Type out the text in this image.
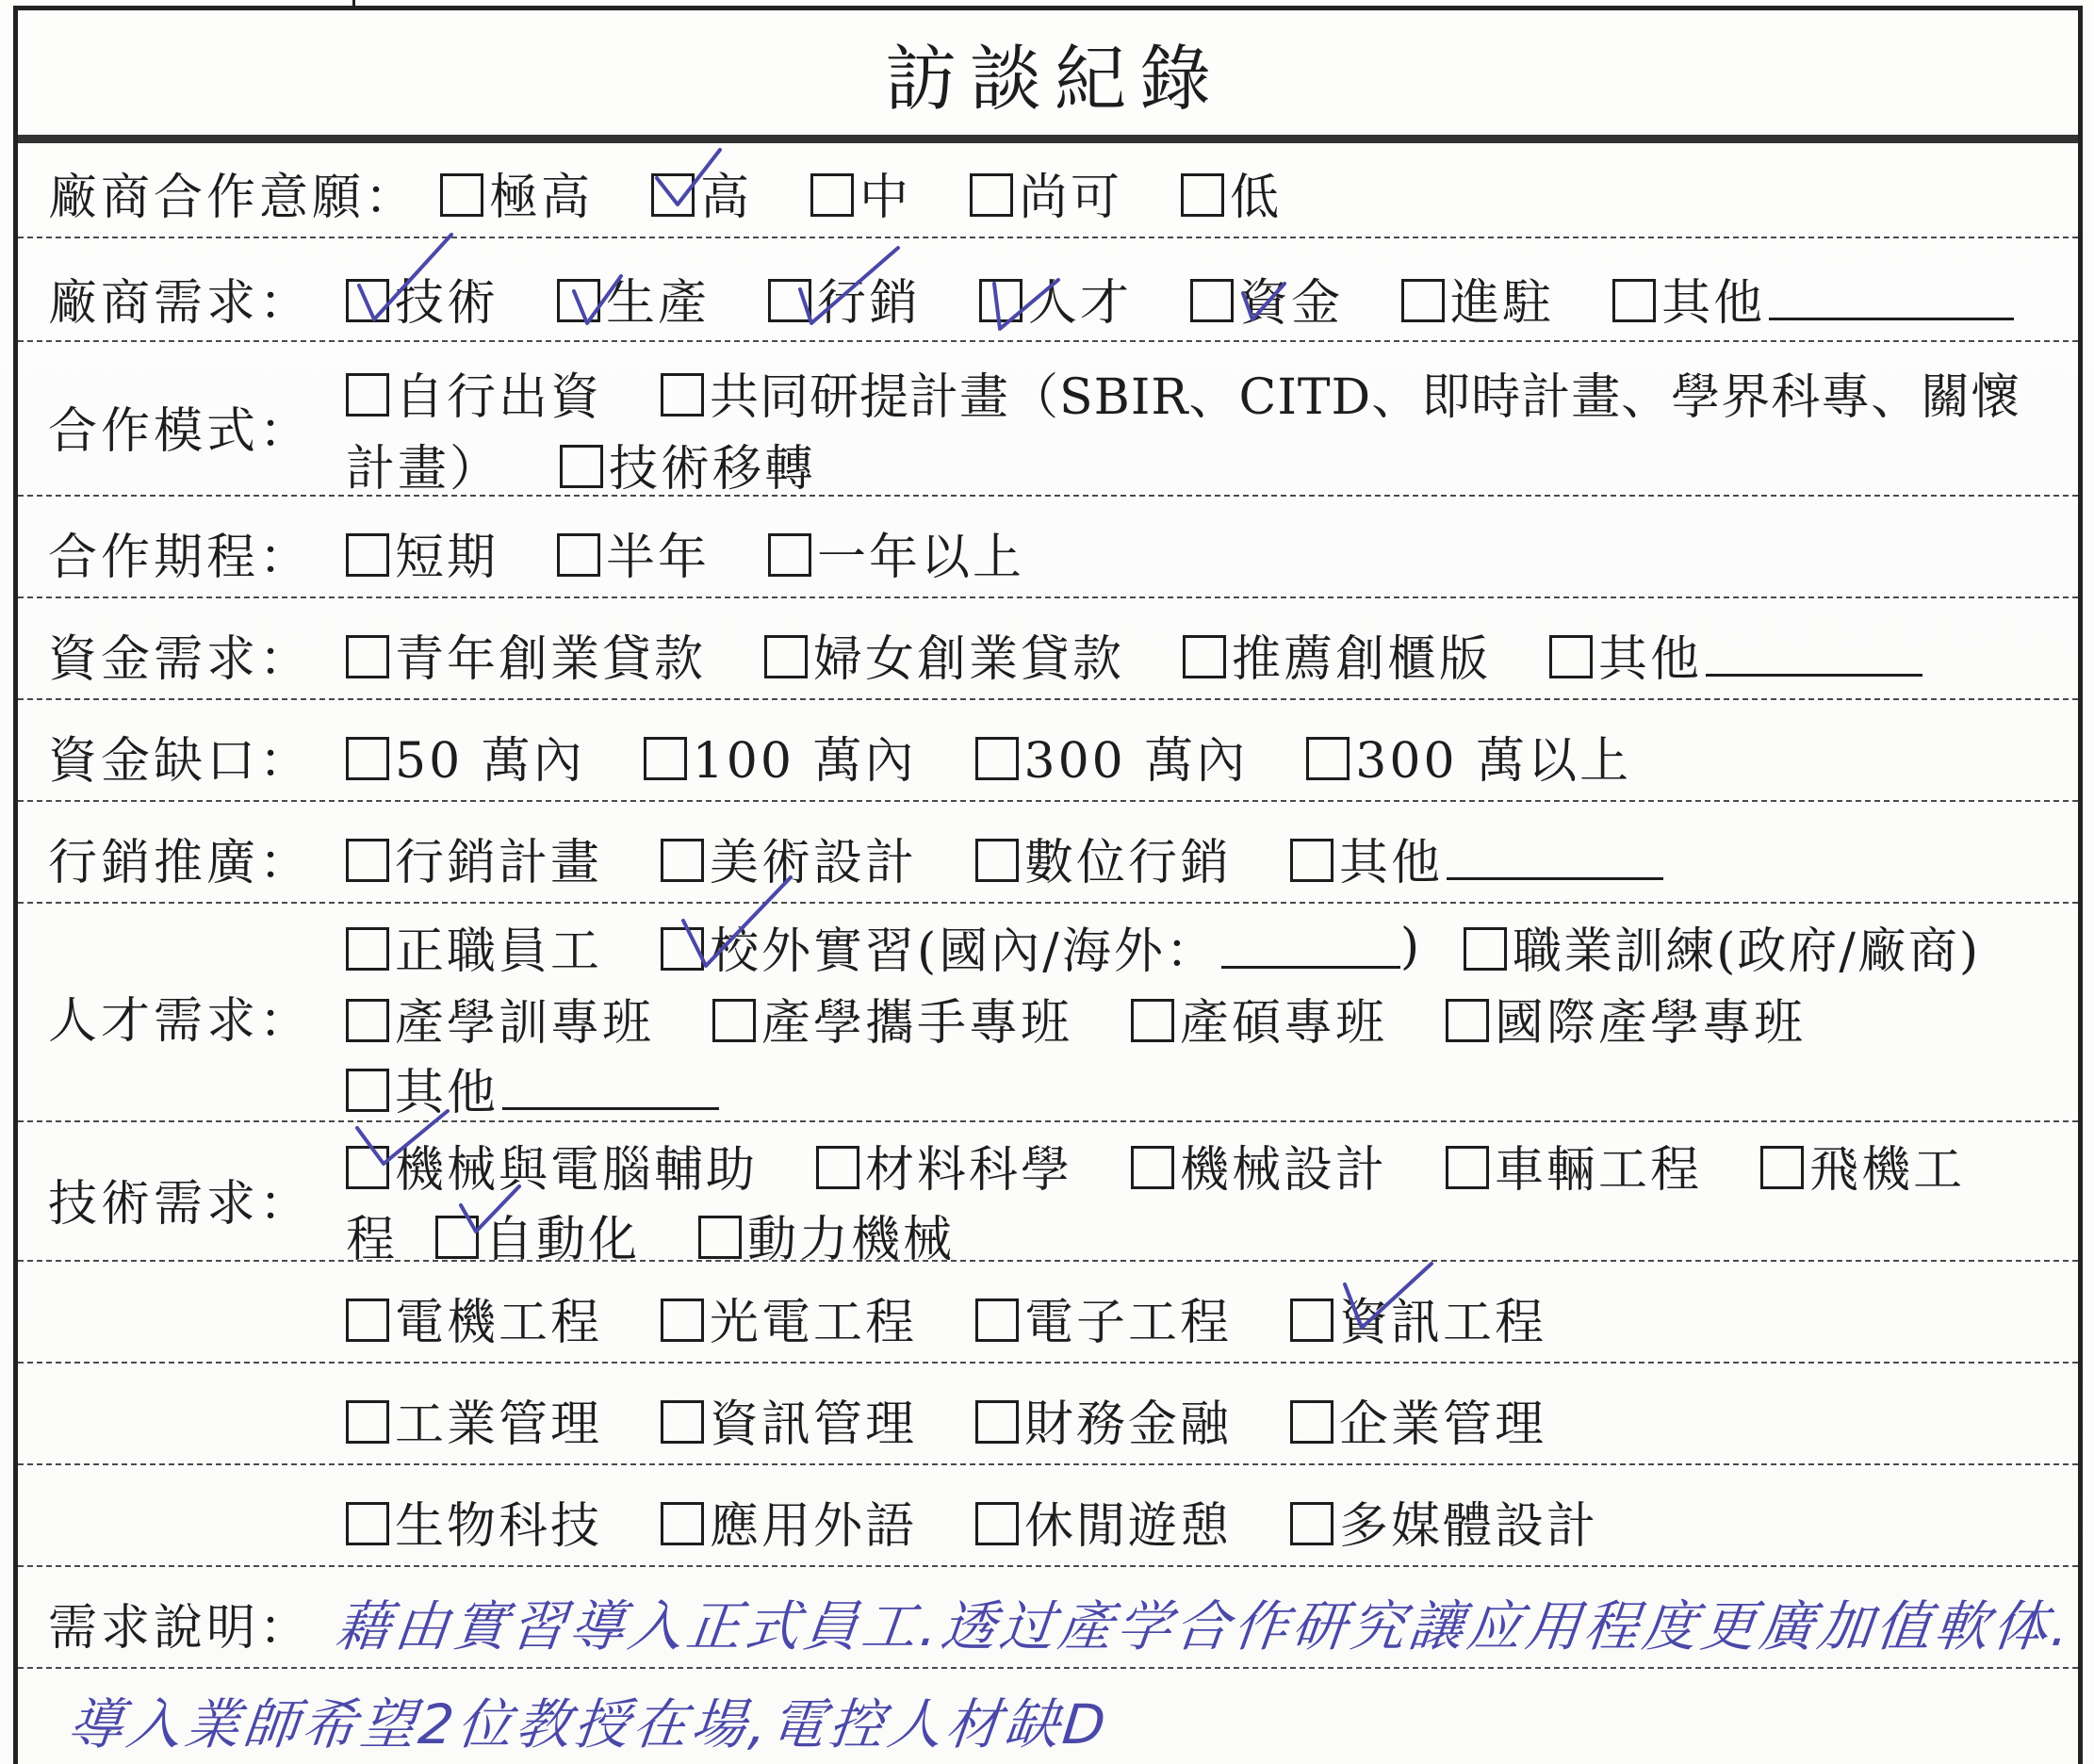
訪談紀錄
廠商合作意願： 極高 高 中 尚可 低
廠商需求： 技術 生產 行銷 人才 資金 進駐 其他
合作模式：
自行出資 共同研提計畫（SBIR、CITD、即時計畫、學界科專、關懷
計畫） 技術移轉
合作期程： 短期 半年 一年以上
資金需求： 青年創業貸款 婦女創業貸款 推薦創櫃版 其他
資金缺口： 50 萬內 100 萬內 300 萬內 300 萬以上
行銷推廣： 行銷計畫 美術設計 數位行銷 其他
人才需求：
正職員工 校外實習(國內/海外：	) 職業訓練(政府/廠商)
產學訓專班 產學攜手專班 產碩專班 國際產學專班
其他
技術需求：
機械與電腦輔助 材料科學 機械設計 車輛工程 飛機工
程 自動化 動力機械
電機工程 光電工程 電子工程 資訊工程
工業管理 資訊管理 財務金融 企業管理
生物科技 應用外語 休閒遊憩 多媒體設計
需求說明： 藉由實習導入正式員工.透过產学合作研究讓应用程度更廣加值軟体.
導入業師希望2位教授在場,電控人材缺D
